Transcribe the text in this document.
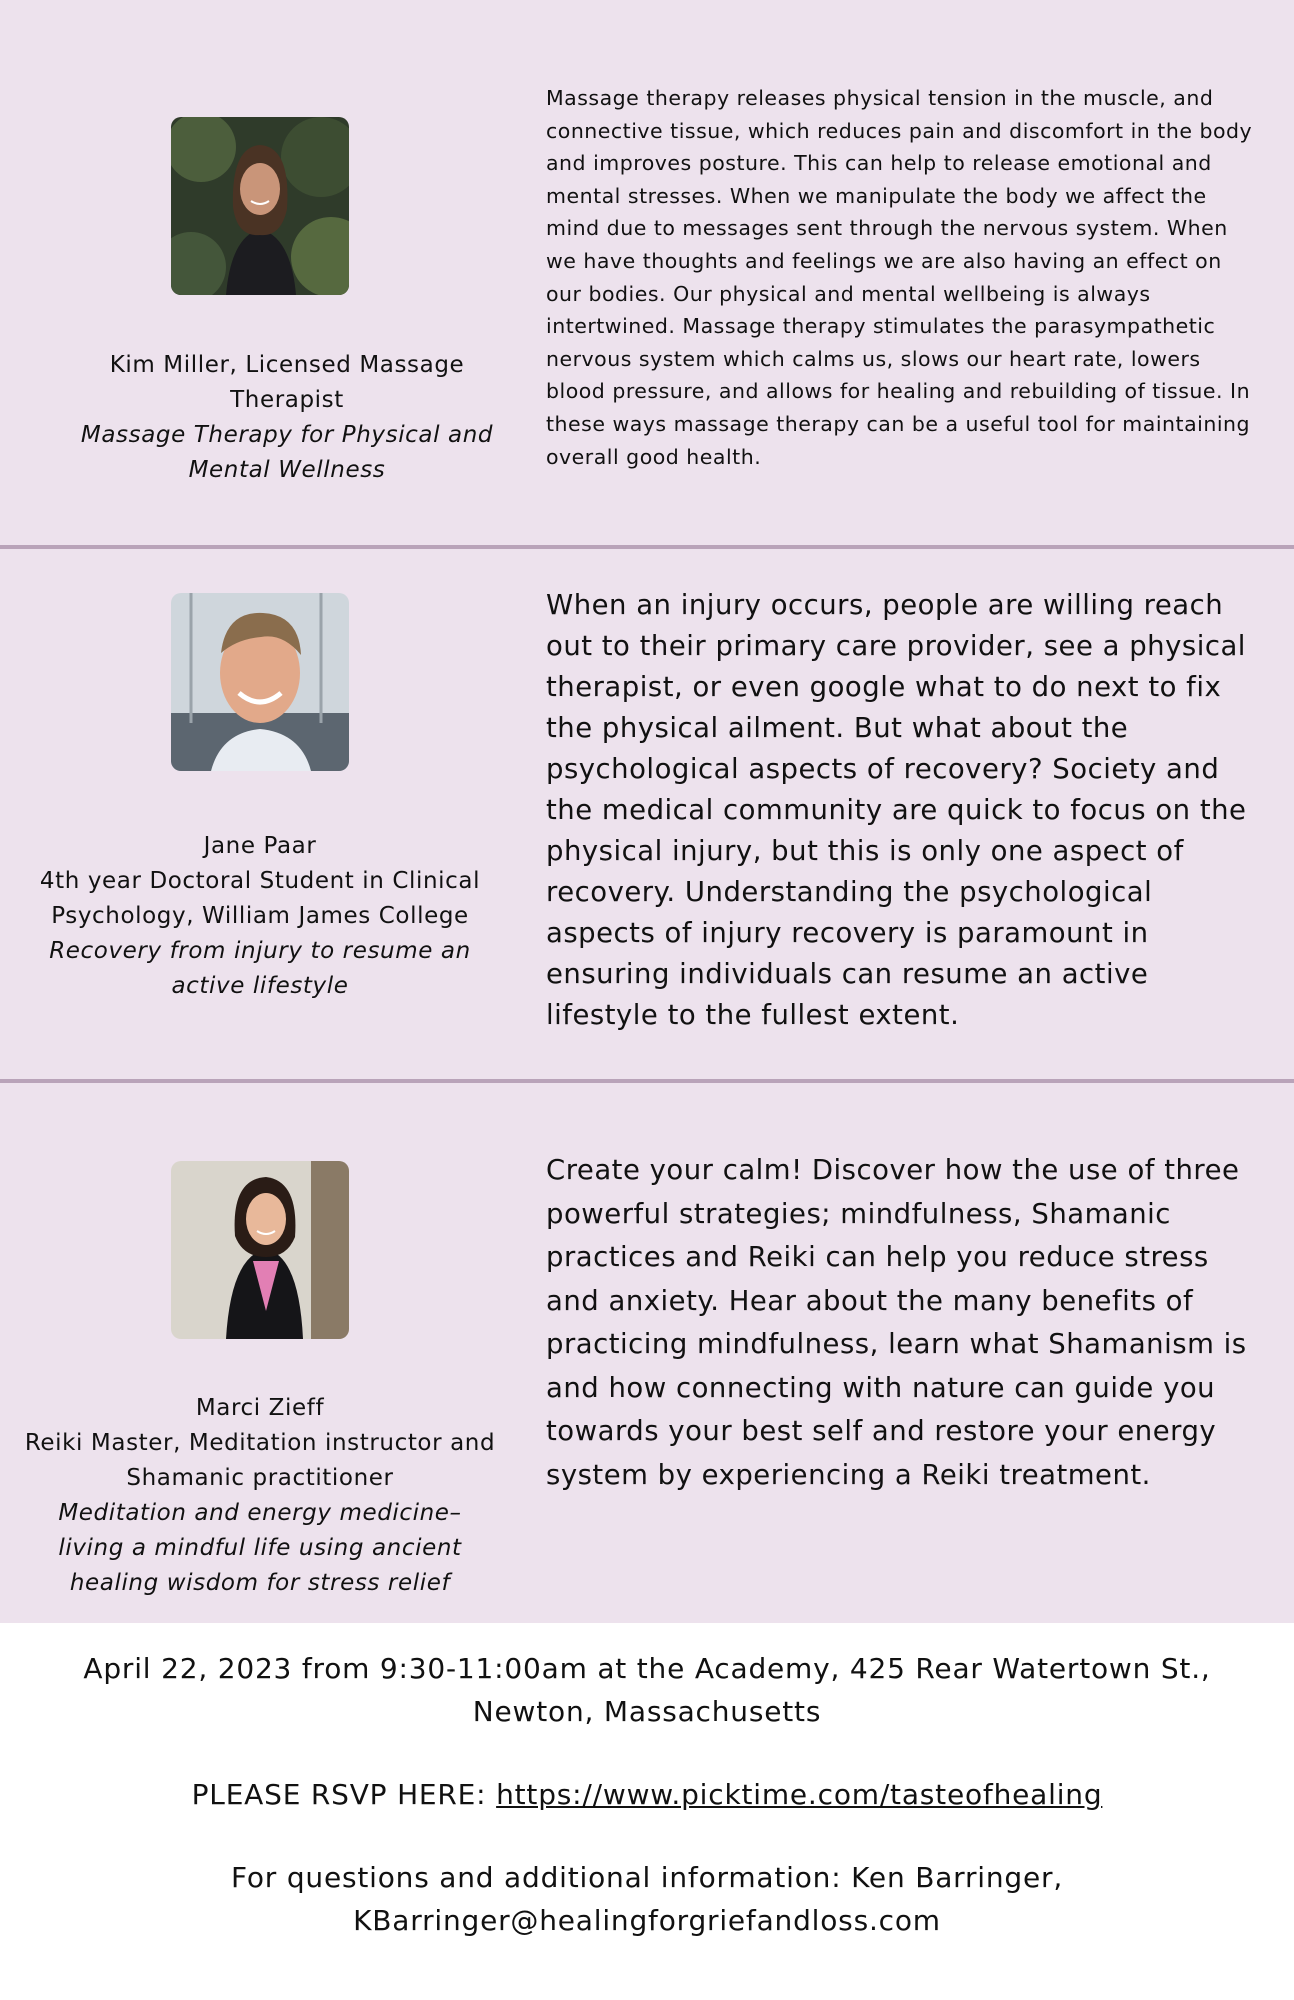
Kim Miller, Licensed Massage Therapist
Massage Therapy for Physical and Mental Wellness
Massage therapy releases physical tension in the muscle, and connective tissue, which reduces pain and discomfort in the body and improves posture. This can help to release emotional and mental stresses. When we manipulate the body we affect the mind due to messages sent through the nervous system. When we have thoughts and feelings we are also having an effect on our bodies. Our physical and mental wellbeing is always intertwined. Massage therapy stimulates the parasympathetic nervous system which calms us, slows our heart rate, lowers blood pressure, and allows for healing and rebuilding of tissue. In these ways massage therapy can be a useful tool for maintaining overall good health.
Jane Paar
4th year Doctoral Student in Clinical Psychology, William James College
Recovery from injury to resume an active lifestyle
When an injury occurs, people are willing reach out to their primary care provider, see a physical therapist, or even google what to do next to fix the physical ailment. But what about the psychological aspects of recovery? Society and the medical community are quick to focus on the physical injury, but this is only one aspect of recovery. Understanding the psychological aspects of injury recovery is paramount in ensuring individuals can resume an active lifestyle to the fullest extent.
Marci Zieff
Reiki Master, Meditation instructor and Shamanic practitioner
Meditation and energy medicine– living a mindful life using ancient healing wisdom for stress relief
Create your calm! Discover how the use of three powerful strategies; mindfulness, Shamanic practices and Reiki can help you reduce stress and anxiety. Hear about the many benefits of practicing mindfulness, learn what Shamanism is and how connecting with nature can guide you towards your best self and restore your energy system by experiencing a Reiki treatment.

April 22, 2023 from 9:30-11:00am at the Academy, 425 Rear Watertown St., Newton, Massachusetts

PLEASE RSVP HERE: https://www.picktime.com/tasteofhealing

For questions and additional information: Ken Barringer,
KBarringer@healingforgriefandloss.com
